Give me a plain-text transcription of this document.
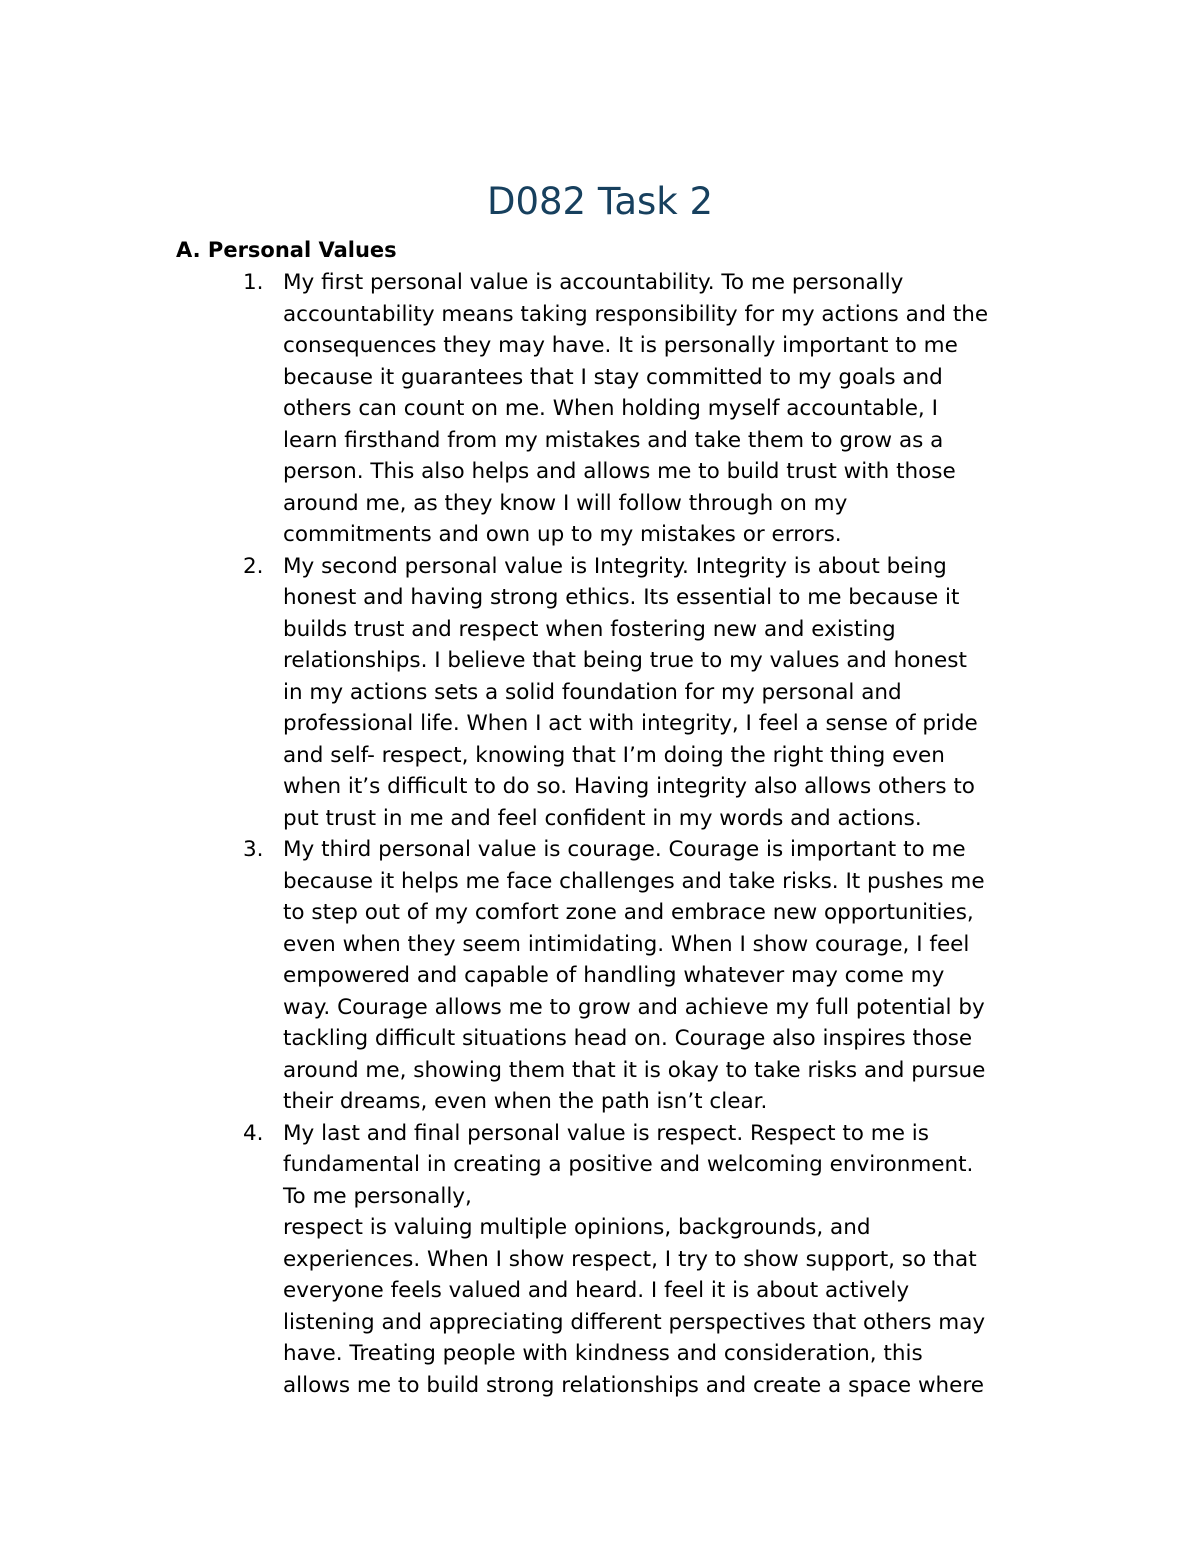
D082 Task 2
A. Personal Values
1. My first personal value is accountability. To me personally
accountability means taking responsibility for my actions and the
consequences they may have. It is personally important to me
because it guarantees that I stay committed to my goals and
others can count on me. When holding myself accountable, I
learn firsthand from my mistakes and take them to grow as a
person. This also helps and allows me to build trust with those
around me, as they know I will follow through on my
commitments and own up to my mistakes or errors.
2. My second personal value is Integrity. Integrity is about being
honest and having strong ethics. Its essential to me because it
builds trust and respect when fostering new and existing
relationships. I believe that being true to my values and honest
in my actions sets a solid foundation for my personal and
professional life. When I act with integrity, I feel a sense of pride
and self- respect, knowing that I’m doing the right thing even
when it’s difficult to do so. Having integrity also allows others to
put trust in me and feel confident in my words and actions.
3. My third personal value is courage. Courage is important to me
because it helps me face challenges and take risks. It pushes me
to step out of my comfort zone and embrace new opportunities,
even when they seem intimidating. When I show courage, I feel
empowered and capable of handling whatever may come my
way. Courage allows me to grow and achieve my full potential by
tackling difficult situations head on. Courage also inspires those
around me, showing them that it is okay to take risks and pursue
their dreams, even when the path isn’t clear.
4. My last and final personal value is respect. Respect to me is
fundamental in creating a positive and welcoming environment.
To me personally,
respect is valuing multiple opinions, backgrounds, and
experiences. When I show respect, I try to show support, so that
everyone feels valued and heard. I feel it is about actively
listening and appreciating different perspectives that others may
have. Treating people with kindness and consideration, this
allows me to build strong relationships and create a space where
